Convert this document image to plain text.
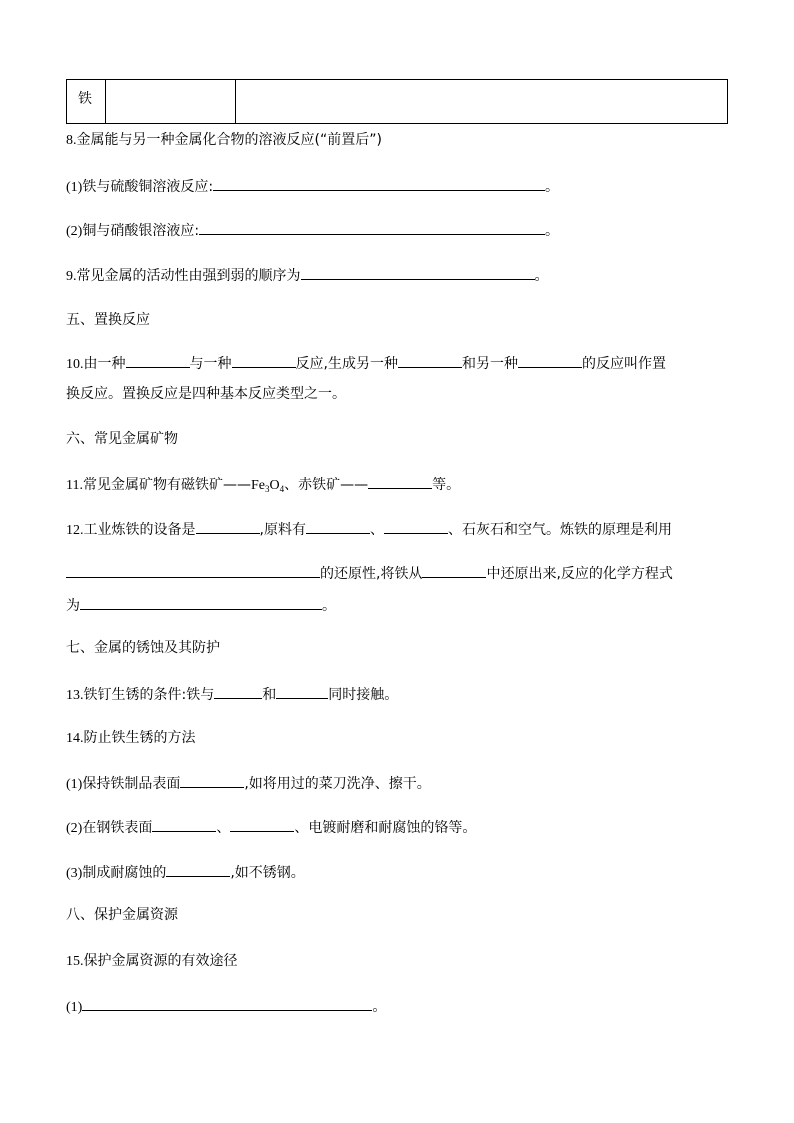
铁
8.金属能与另一种金属化合物的溶液反应(“前置后”)
(1)铁与硫酸铜溶液反应:	。
(2)铜与硝酸银溶液应:	。
9.常见金属的活动性由强到弱的顺序为	。
五、置换反应
10.由一种	与一种	反应,生成另一种	和另一种	的反应叫作置
换反应。置换反应是四种基本反应类型之一。
六、常见金属矿物
11.常见金属矿物有磁铁矿$——Fe_3O_4$、赤铁矿——	等。
12.工业炼铁的设备是	,原料有	、	、石灰石和空气。炼铁的原理是利用
的还原性,将铁从	中还原出来,反应的化学方程式
为	。
七、金属的锈蚀及其防护
13.铁钉生锈的条件:铁与	和	同时接触。
14.防止铁生锈的方法
(1)保持铁制品表面	,如将用过的菜刀洗净、擦干。
(2)在钢铁表面	、	、电镀耐磨和耐腐蚀的铬等。
(3)制成耐腐蚀的	,如不锈钢。
八、保护金属资源
15.保护金属资源的有效途径
(1)	。
